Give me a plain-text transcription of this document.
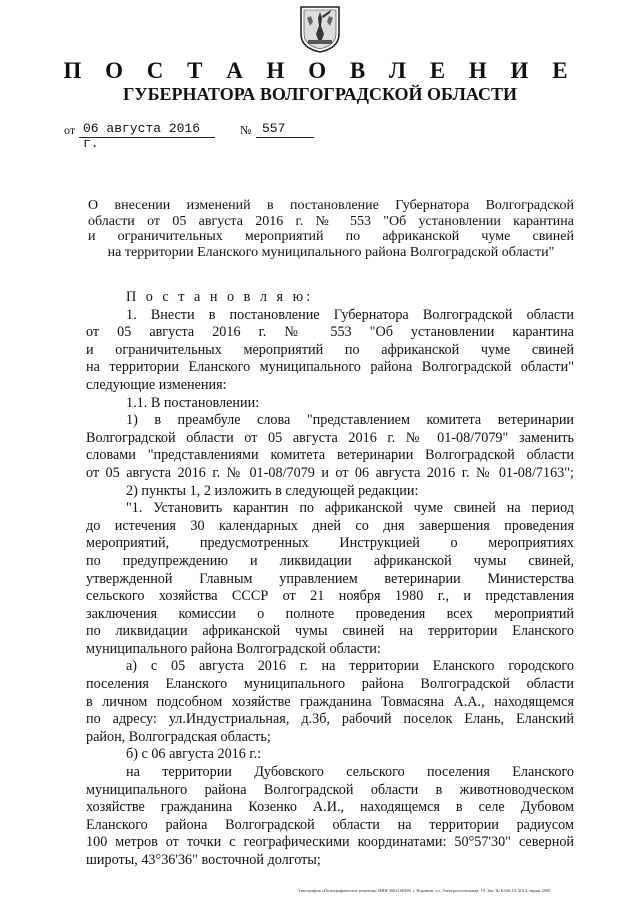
П О С Т А Н О В Л Е Н И Е
ГУБЕРНАТОРА ВОЛГОГРАДСКОЙ ОБЛАСТИ
от 06 августа 2016 г.
№ 557
О внесении изменений в постановление Губернатора Волгоградской
области от 05 августа 2016 г. № 553 "Об установлении карантина
и ограничительных мероприятий по африканской чуме свиней
на территории Еланского муниципального района Волгоградской области"
П о с т а н о в л я ю:
1. Внести в постановление Губернатора Волгоградской области
от 05 августа 2016 г. № 553 "Об установлении карантина
и ограничительных мероприятий по африканской чуме свиней
на территории Еланского муниципального района Волгоградской области"
следующие изменения:
1.1. В постановлении:
1) в преамбуле слова "представлением комитета ветеринарии
Волгоградской области от 05 августа 2016 г. № 01-08/7079" заменить
словами "представлениями комитета ветеринарии Волгоградской области
от 05 августа 2016 г. № 01-08/7079 и от 06 августа 2016 г. № 01-08/7163";
2) пункты 1, 2 изложить в следующей редакции:
"1. Установить карантин по африканской чуме свиней на период
до истечения 30 календарных дней со дня завершения проведения
мероприятий, предусмотренных Инструкцией о мероприятиях
по предупреждению и ликвидации африканской чумы свиней,
утвержденной Главным управлением ветеринарии Министерства
сельского хозяйства СССР от 21 ноября 1980 г., и представления
заключения комиссии о полноте проведения всех мероприятий
по ликвидации африканской чумы свиней на территории Еланского
муниципального района Волгоградской области:
а) с 05 августа 2016 г. на территории Еланского городского
поселения Еланского муниципального района Волгоградской области
в личном подсобном хозяйстве гражданина Товмасяна А.А., находящемся
по адресу: ул.Индустриальная, д.3б, рабочий поселок Елань, Еланский
район, Волгоградская область;
б) с 06 августа 2016 г.:
на территории Дубовского сельского поселения Еланского
муниципального района Волгоградской области в животноводческом
хозяйстве гражданина Козенко А.И., находящемся в селе Дубовом
Еланского района Волгоградской области на территории радиусом
100 метров от точки с географическими координатами: 50°57'30" северной
широты, 43°36'36" восточной долготы;
Типография «Полиграфические решения» ИНН 3662106490, г. Воронеж, ул. Электросигнальная, 19. Зак. № Е326-10, 2014, тираж 2000
